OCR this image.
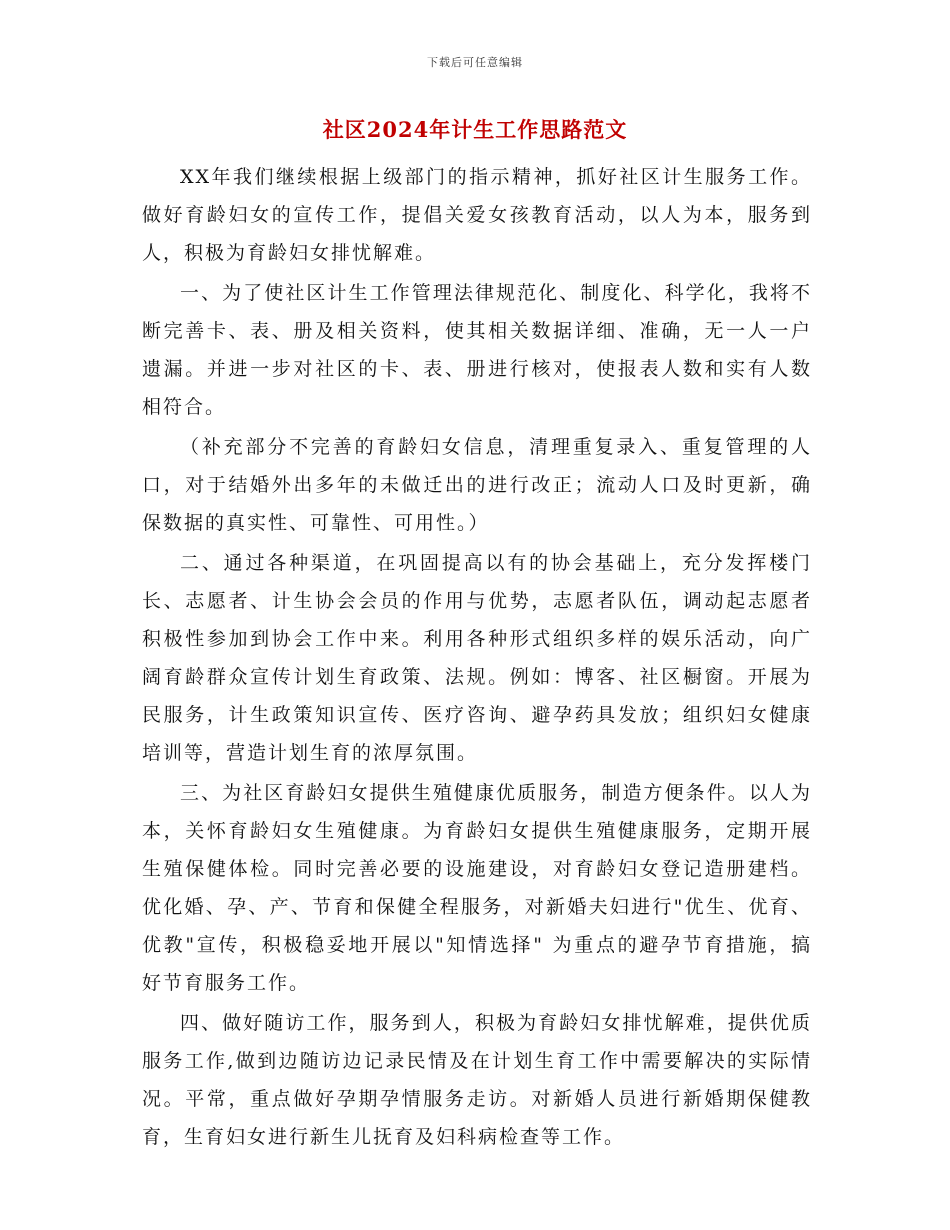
下载后可任意编辑
社区2024年计生工作思路范文

XX年我们继续根据上级部门的指示精神，抓好社区计生服务工作。做好育龄妇女的宣传工作，提倡关爱女孩教育活动，以人为本，服务到人，积极为育龄妇女排忧解难。

一、为了使社区计生工作管理法律规范化、制度化、科学化，我将不断完善卡、表、册及相关资料，使其相关数据详细、准确，无一人一户遗漏。并进一步对社区的卡、表、册进行核对，使报表人数和实有人数相符合。

（补充部分不完善的育龄妇女信息，清理重复录入、重复管理的人口，对于结婚外出多年的未做迁出的进行改正；流动人口及时更新，确保数据的真实性、可靠性、可用性。）

二、通过各种渠道，在巩固提高以有的协会基础上，充分发挥楼门长、志愿者、计生协会会员的作用与优势，志愿者队伍，调动起志愿者积极性参加到协会工作中来。利用各种形式组织多样的娱乐活动，向广阔育龄群众宣传计划生育政策、法规。例如：博客、社区橱窗。开展为民服务，计生政策知识宣传、医疗咨询、避孕药具发放；组织妇女健康培训等，营造计划生育的浓厚氛围。

三、为社区育龄妇女提供生殖健康优质服务，制造方便条件。以人为本，关怀育龄妇女生殖健康。为育龄妇女提供生殖健康服务，定期开展生殖保健体检。同时完善必要的设施建设，对育龄妇女登记造册建档。优化婚、孕、产、节育和保健全程服务，对新婚夫妇进行"优生、优育、优教"宣传，积极稳妥地开展以"知情选择" 为重点的避孕节育措施，搞好节育服务工作。

四、做好随访工作，服务到人，积极为育龄妇女排忧解难，提供优质服务工作,做到边随访边记录民情及在计划生育工作中需要解决的实际情况。平常，重点做好孕期孕情服务走访。对新婚人员进行新婚期保健教育，生育妇女进行新生儿抚育及妇科病检查等工作。
